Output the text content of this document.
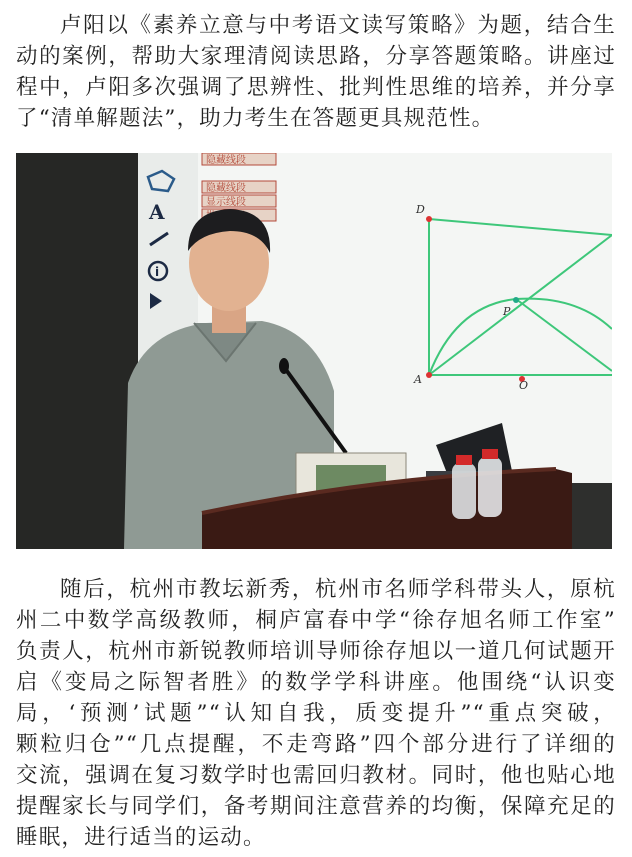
卢阳以《素养立意与中考语文读写策略》为题，结合生
动的案例，帮助大家理清阅读思路，分享答题策略。讲座过
程中，卢阳多次强调了思辨性、批判性思维的培养，并分享
了“清单解题法”，助力考生在答题更具规范性。
A
i
隐藏线段
隐藏线段
显示线段
D
A	O
P
随后，杭州市教坛新秀，杭州市名师学科带头人，原杭
州二中数学高级教师，桐庐富春中学“徐存旭名师工作室”
负责人，杭州市新锐教师培训导师徐存旭以一道几何试题开
启《变局之际智者胜》的数学学科讲座。他围绕“认识变
局，‘预测’试题”“认知自我，质变提升”“重点突破，
颗粒归仓”“几点提醒，不走弯路”四个部分进行了详细的
交流，强调在复习数学时也需回归教材。同时，他也贴心地
提醒家长与同学们，备考期间注意营养的均衡，保障充足的
睡眠，进行适当的运动。
